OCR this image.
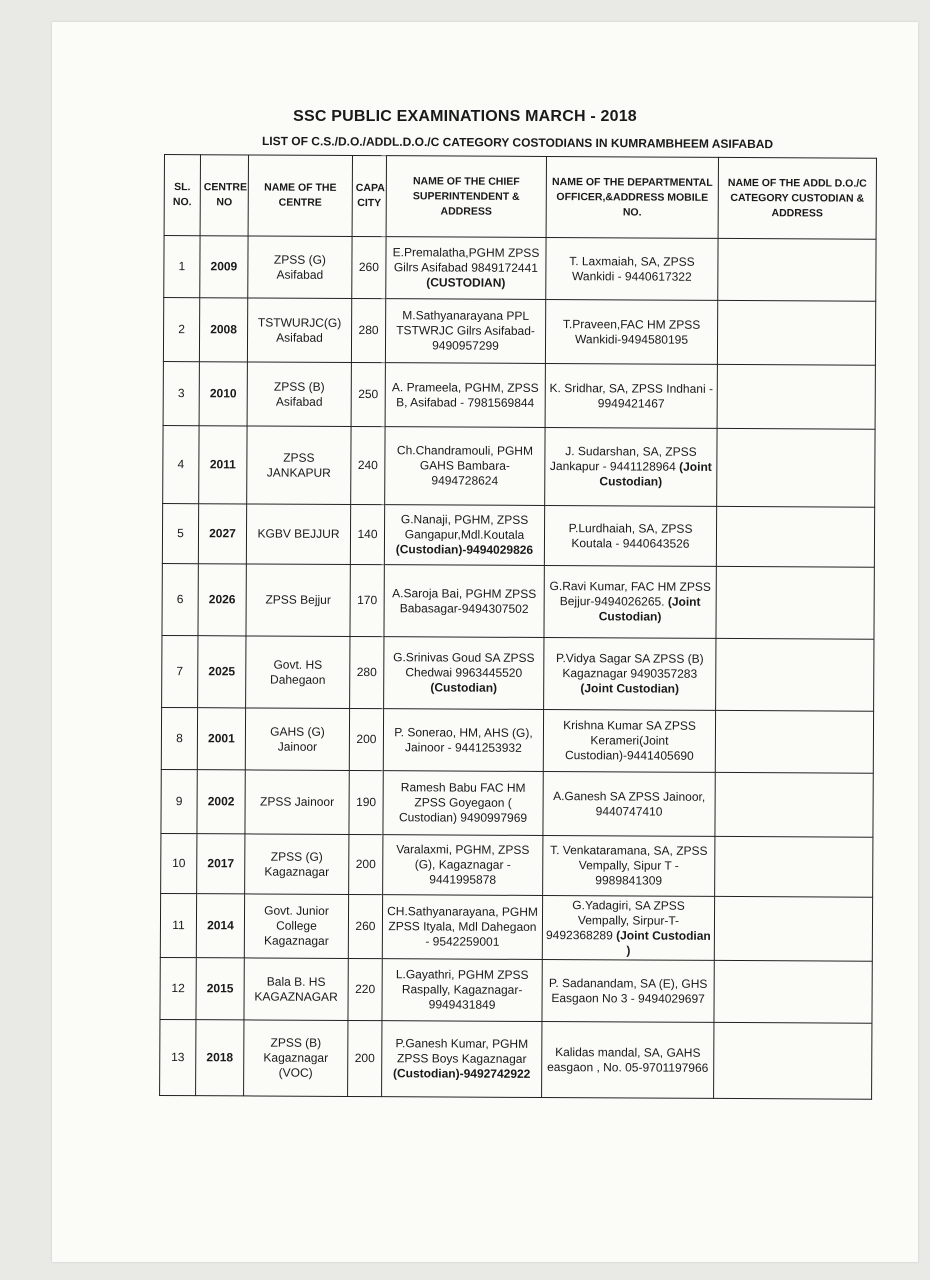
SSC PUBLIC EXAMINATIONS MARCH - 2018
LIST OF C.S./D.O./ADDL.D.O./C CATEGORY COSTODIANS IN KUMRAMBHEEM ASIFABAD
SL. NO.	CENTRE NO	NAME OF THE CENTRE	CAPA CITY	NAME OF THE CHIEF SUPERINTENDENT & ADDRESS	NAME OF THE DEPARTMENTAL OFFICER,&ADDRESS MOBILE NO.	NAME OF THE ADDL D.O./C CATEGORY CUSTODIAN & ADDRESS
1	2009	ZPSS (G) Asifabad	260	E.Premalatha,PGHM ZPSS Gilrs Asifabad 9849172441 (CUSTODIAN)	T. Laxmaiah, SA, ZPSS Wankidi - 9440617322	
2	2008	TSTWURJC(G) Asifabad	280	M.Sathyanarayana PPL TSTWRJC Gilrs Asifabad-9490957299	T.Praveen,FAC HM ZPSS Wankidi-9494580195	
3	2010	ZPSS (B) Asifabad	250	A. Prameela, PGHM, ZPSS B, Asifabad - 7981569844	K. Sridhar, SA, ZPSS Indhani - 9949421467	
4	2011	ZPSS JANKAPUR	240	Ch.Chandramouli, PGHM GAHS Bambara-9494728624	J. Sudarshan, SA, ZPSS Jankapur - 9441128964 (Joint Custodian)	
5	2027	KGBV BEJJUR	140	G.Nanaji, PGHM, ZPSS Gangapur,Mdl.Koutala (Custodian)-9494029826	P.Lurdhaiah, SA, ZPSS Koutala - 9440643526	
6	2026	ZPSS Bejjur	170	A.Saroja Bai, PGHM ZPSS Babasagar-9494307502	G.Ravi Kumar, FAC HM ZPSS Bejjur-9494026265. (Joint Custodian)	
7	2025	Govt. HS Dahegaon	280	G.Srinivas Goud SA ZPSS Chedwai 9963445520 (Custodian)	P.Vidya Sagar SA ZPSS (B) Kagaznagar 9490357283 (Joint Custodian)	
8	2001	GAHS (G) Jainoor	200	P. Sonerao, HM, AHS (G), Jainoor - 9441253932	Krishna Kumar SA ZPSS Kerameri(Joint Custodian)-9441405690	
9	2002	ZPSS Jainoor	190	Ramesh Babu FAC HM ZPSS Goyegaon ( Custodian) 9490997969	A.Ganesh SA ZPSS Jainoor, 9440747410	
10	2017	ZPSS (G) Kagaznagar	200	Varalaxmi, PGHM, ZPSS (G), Kagaznagar - 9441995878	T. Venkataramana, SA, ZPSS Vempally, Sipur T - 9989841309	
11	2014	Govt. Junior College Kagaznagar	260	CH.Sathyanarayana, PGHM ZPSS Ityala, Mdl Dahegaon - 9542259001	G.Yadagiri, SA ZPSS Vempally, Sirpur-T-9492368289 (Joint Custodian )	
12	2015	Bala B. HS KAGAZNAGAR	220	L.Gayathri, PGHM ZPSS Raspally, Kagaznagar-9949431849	P. Sadanandam, SA (E), GHS Easgaon No 3 - 9494029697	
13	2018	ZPSS (B) Kagaznagar (VOC)	200	P.Ganesh Kumar, PGHM ZPSS Boys Kagaznagar (Custodian)-9492742922	Kalidas mandal, SA, GAHS easgaon , No. 05-9701197966	
